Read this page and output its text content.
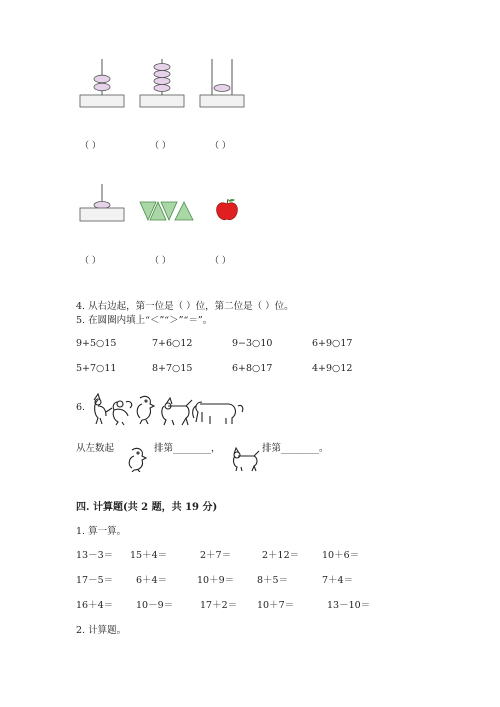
（ ）	（ ）	（ ）
（ ）	（ ）	（ ）
4. 从右边起，第一位是（ ）位，第二位是（ ）位。
5. 在圆圈内填上“＜”“＞”“＝”。
9+5○15	7+6○12	9−3○10	6+9○17
5+7○11	8+7○15	6+8○17	4+9○12
6.
从左数起	排第________，	排第________。
四. 计算题(共 2 题，共 19 分)
1. 算一算。
13－3＝ 15＋4＝	2＋7＝	2＋12＝ 10＋6＝
17－5＝ 6＋4＝	10＋9＝ 8＋5＝	7＋4＝
16＋4＝ 10－9＝	17＋2＝ 10＋7＝	13－10＝
2. 计算题。
